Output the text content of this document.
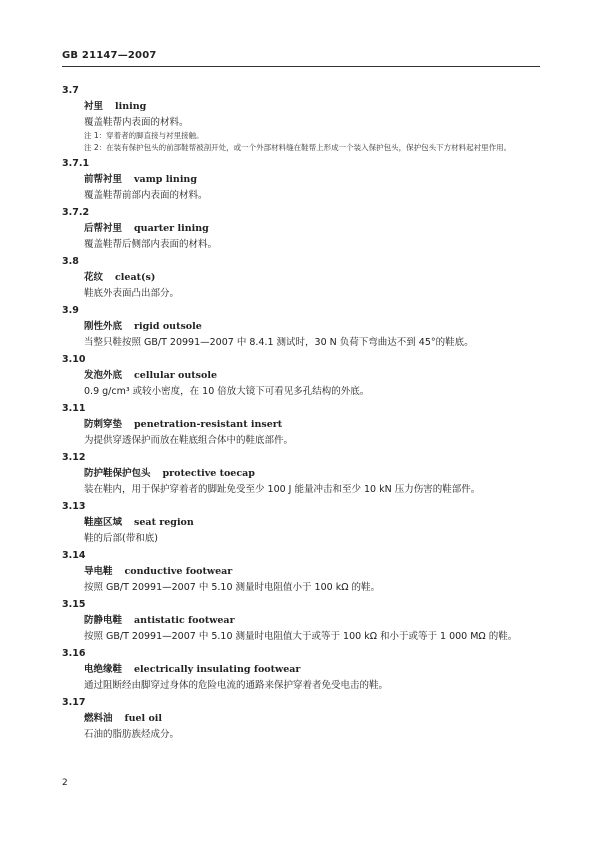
GB 21147—2007
3.7
衬里 lining
覆盖鞋帮内表面的材料。
注 1：穿着者的脚直接与衬里接触。
注 2：在装有保护包头的前部鞋帮被剖开处，或一个外部材料缝在鞋帮上形成一个装入保护包头，保护包头下方材料起衬里作用。
3.7.1
前帮衬里 vamp lining
覆盖鞋帮前部内表面的材料。
3.7.2
后帮衬里 quarter lining
覆盖鞋帮后侧部内表面的材料。
3.8
花纹 cleat(s)
鞋底外表面凸出部分。
3.9
刚性外底 rigid outsole
当整只鞋按照 GB/T 20991—2007 中 8.4.1 测试时，30 N 负荷下弯曲达不到 45°的鞋底。
3.10
发泡外底 cellular outsole
0.9 g/cm³ 或较小密度，在 10 倍放大镜下可看见多孔结构的外底。
3.11
防刺穿垫 penetration-resistant insert
为提供穿透保护而放在鞋底组合体中的鞋底部件。
3.12
防护鞋保护包头 protective toecap
装在鞋内，用于保护穿着者的脚趾免受至少 100 J 能量冲击和至少 10 kN 压力伤害的鞋部件。
3.13
鞋座区域 seat region
鞋的后部(带和底)
3.14
导电鞋 conductive footwear
按照 GB/T 20991—2007 中 5.10 测量时电阻值小于 100 kΩ 的鞋。
3.15
防静电鞋 antistatic footwear
按照 GB/T 20991—2007 中 5.10 测量时电阻值大于或等于 100 kΩ 和小于或等于 1 000 MΩ 的鞋。
3.16
电绝缘鞋 electrically insulating footwear
通过阻断经由脚穿过身体的危险电流的通路来保护穿着者免受电击的鞋。
3.17
燃料油 fuel oil
石油的脂肪族烃成分。
2
